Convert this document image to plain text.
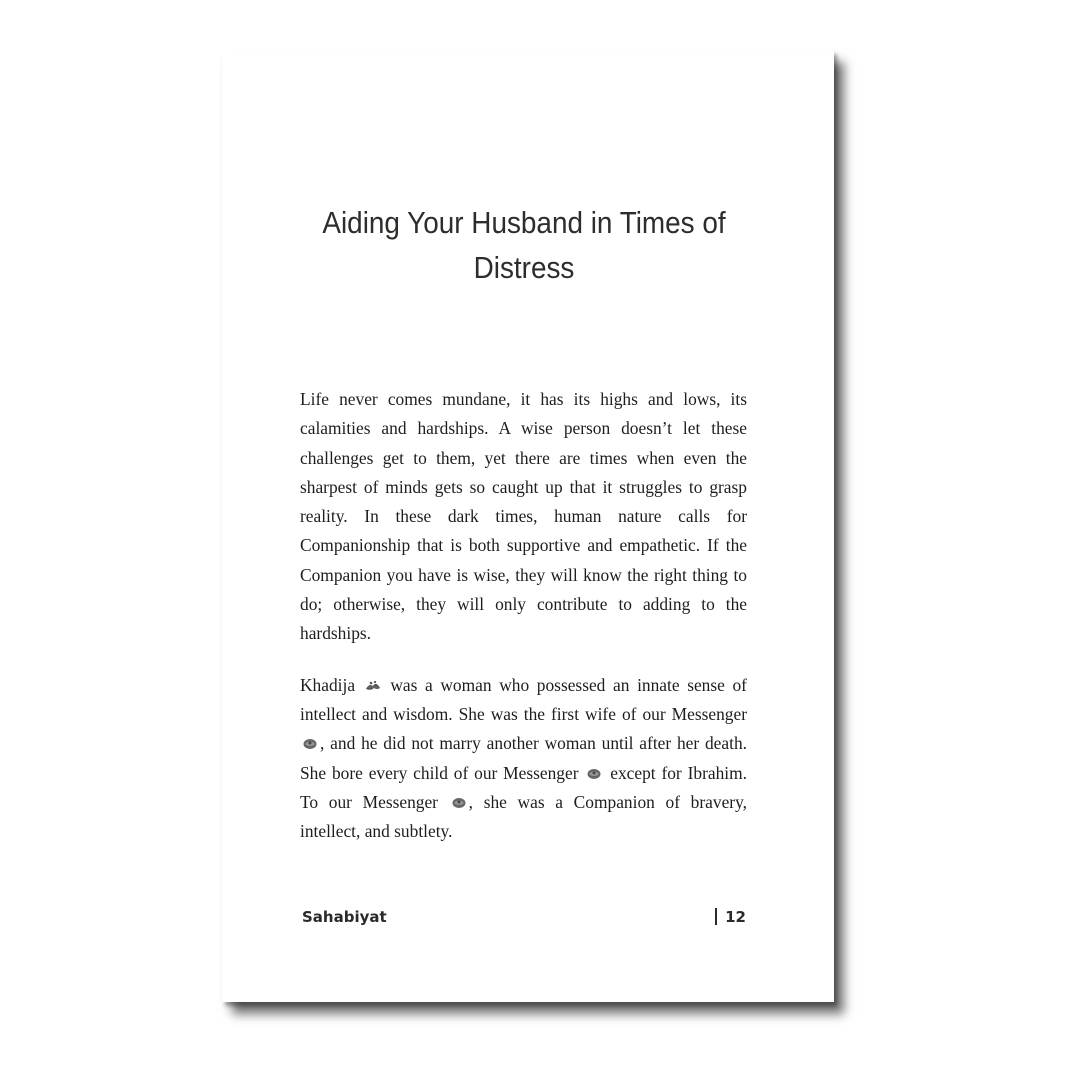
Aiding Your Husband in Times of
Distress

Life never comes mundane, it has its highs and lows, its calamities and hardships. A wise person doesn’t let these challenges get to them, yet there are times when even the sharpest of minds gets so caught up that it struggles to grasp reality. In these dark times, human nature calls for Companionship that is both supportive and empathetic. If the Companion you have is wise, they will know the right thing to do; otherwise, they will only contribute to adding to the hardships.

Khadija was a woman who possessed an innate sense of intellect and wisdom. She was the first wife of our Messenger , and he did not marry another woman until after her death. She bore every child of our Messenger except for Ibrahim. To our Messenger , she was a Companion of bravery, intellect, and subtlety.

Sahabiyat	12
